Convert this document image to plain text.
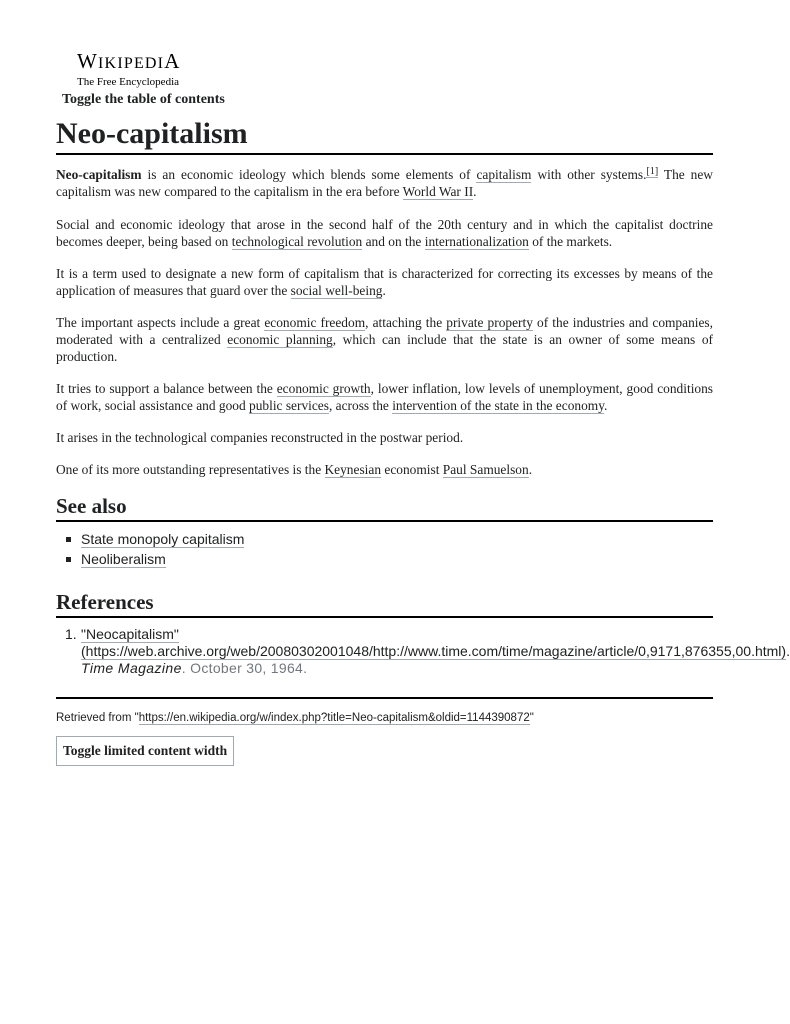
WIKIPEDIA
The Free Encyclopedia
Toggle the table of contents
Neo-capitalism

Neo-capitalism is an economic ideology which blends some elements of capitalism with other systems.[1] The new capitalism was new compared to the capitalism in the era before World War II.

Social and economic ideology that arose in the second half of the 20th century and in which the capitalist doctrine becomes deeper, being based on technological revolution and on the internationalization of the markets.

It is a term used to designate a new form of capitalism that is characterized for correcting its excesses by means of the application of measures that guard over the social well-being.

The important aspects include a great economic freedom, attaching the private property of the industries and companies, moderated with a centralized economic planning, which can include that the state is an owner of some means of production.

It tries to support a balance between the economic growth, lower inflation, low levels of unemployment, good conditions of work, social assistance and good public services, across the intervention of the state in the economy.

It arises in the technological companies reconstructed in the postwar period.

One of its more outstanding representatives is the Keynesian economist Paul Samuelson.

See also
State monopoly capitalism
Neoliberalism
References
1. "Neocapitalism" (https://web.archive.org/web/20080302001048/http://www.time.com/time/magazine/article/0,9171,876355,00.html). Time Magazine. October 30, 1964.
Retrieved from "https://en.wikipedia.org/w/index.php?title=Neo-capitalism&oldid=1144390872"
Toggle limited content width
